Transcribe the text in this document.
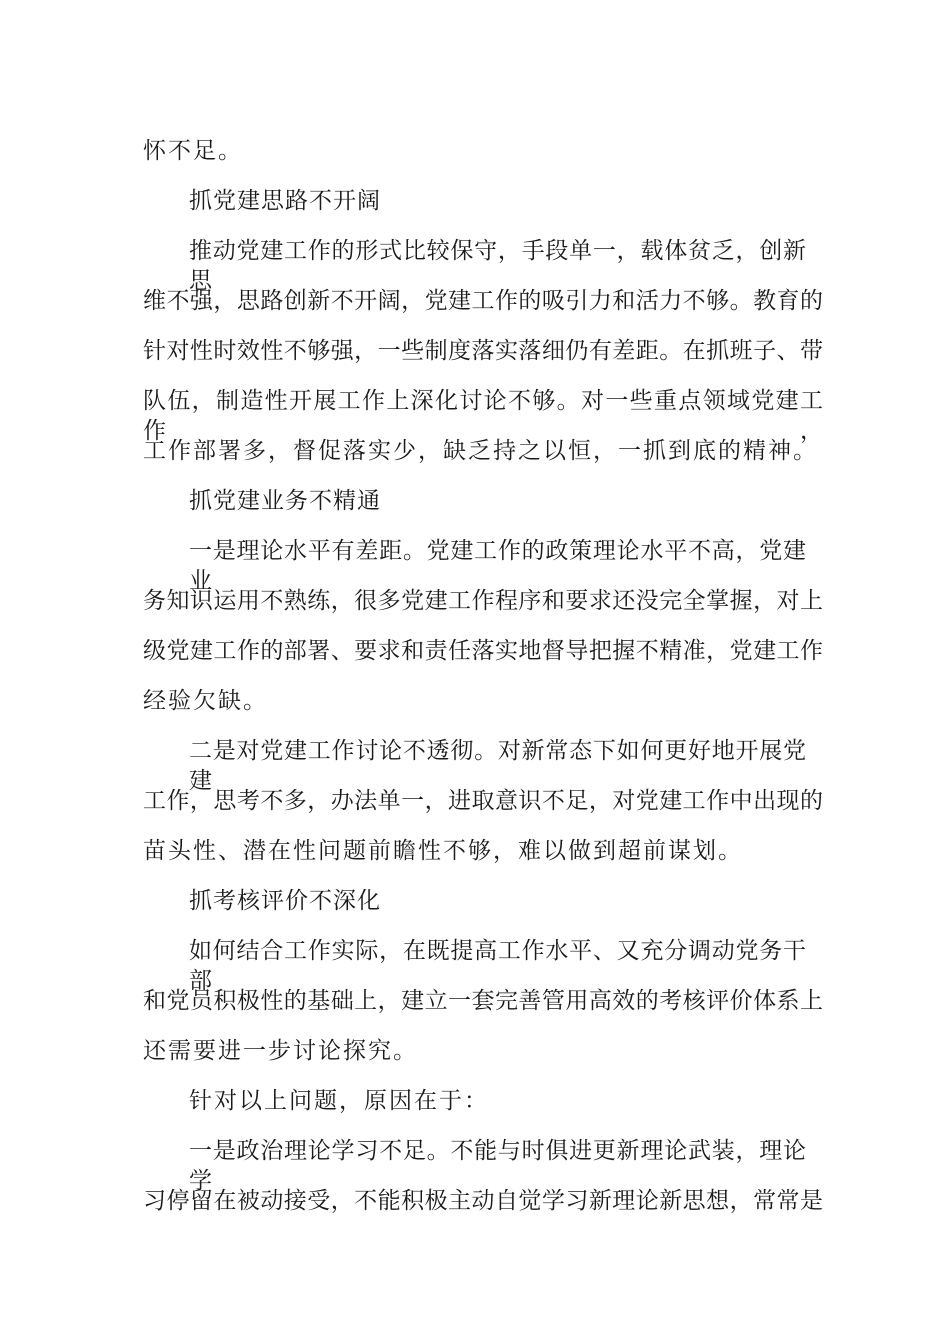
怀不足。
抓党建思路不开阔
推动党建工作的形式比较保守，手段单一，载体贫乏，创新思
维不强，思路创新不开阔，党建工作的吸引力和活力不够。教育的
针对性时效性不够强，一些制度落实落细仍有差距。在抓班子、带
队伍，制造性开展工作上深化讨论不够。对一些重点领域党建工作，
工作部署多，督促落实少，缺乏持之以恒，一抓到底的精神。
抓党建业务不精通
一是理论水平有差距。党建工作的政策理论水平不高，党建业
务知识运用不熟练，很多党建工作程序和要求还没完全掌握，对上
级党建工作的部署、要求和责任落实地督导把握不精准，党建工作
经验欠缺。
二是对党建工作讨论不透彻。对新常态下如何更好地开展党建
工作，思考不多，办法单一，进取意识不足，对党建工作中出现的
苗头性、潜在性问题前瞻性不够，难以做到超前谋划。
抓考核评价不深化
如何结合工作实际，在既提高工作水平、又充分调动党务干部
和党员积极性的基础上，建立一套完善管用高效的考核评价体系上
还需要进一步讨论探究。
针对以上问题，原因在于：
一是政治理论学习不足。不能与时俱进更新理论武装，理论学
习停留在被动接受，不能积极主动自觉学习新理论新思想，常常是
